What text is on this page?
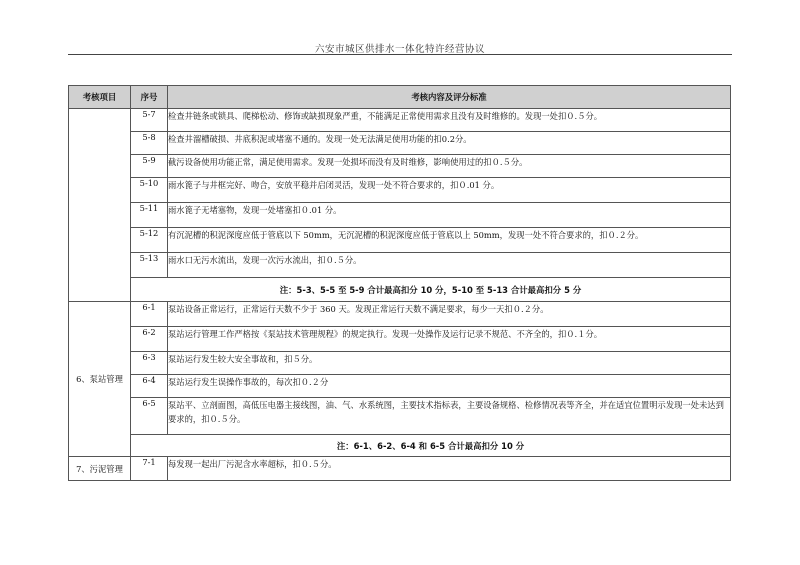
六安市城区供排水一体化特许经营协议
考核项目	序号	考核内容及评分标准
	5-7	检查井链条或锁具、爬梯松动、修饰或缺损现象严重，不能满足正常使用需求且没有及时维修的。发现一处扣０.５分。
	5-8	检查井溜槽破损、井底积泥或堵塞不通的。发现一处无法满足使用功能的扣0.2分。
	5-9	截污设备使用功能正常，满足使用需求。发现一处损坏而没有及时维修，影响使用过的扣０.５分。
	5-10	雨水篦子与井框完好、吻合，安放平稳并启闭灵活，发现一处不符合要求的，扣０.01 分。
	5-11	雨水篦子无堵塞物，发现一处堵塞扣０.01 分。
	5-12	有沉泥槽的积泥深度应低于管底以下 50mm，无沉泥槽的积泥深度应低于管底以上 50mm，发现一处不符合要求的，扣０.２分。
	5-13	雨水口无污水流出，发现一次污水流出，扣０.５分。
	注：5-3、5-5 至 5-9 合计最高扣分 10 分，5-10 至 5-13 合计最高扣分 5 分	
6、泵站管理	6-1	泵站设备正常运行，正常运行天数不少于 360 天。发现正常运行天数不满足要求，每少一天扣０.２分。
	6-2	泵站运行管理工作严格按《泵站技术管理规程》的规定执行。发现一处操作及运行记录不规范、不齐全的，扣０.１分。
	6-3	泵站运行发生较大安全事故和，扣５分。
	6-4	泵站运行发生误操作事故的，每次扣０.２分
	6-5	泵站平、立剖面图，高低压电器主接线图，油、气、水系统图，主要技术指标表，主要设备规格、检修情况表等齐全，并在适宜位置明示发现一处未达到要求的，扣０.５分。
	注：6-1、6-2、6-4 和 6-5 合计最高扣分 10 分	
7、污泥管理	7-1	每发现一起出厂污泥含水率超标，扣０.５分。
